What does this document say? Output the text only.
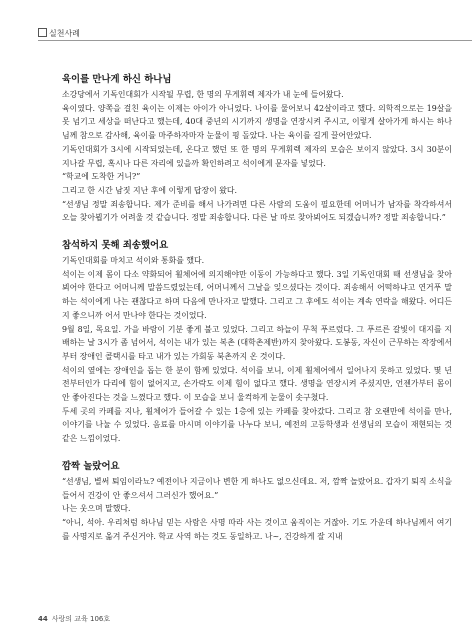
실천사례
육이를 만나게 하신 하나님

소강당에서 기독인대회가 시작될 무렵, 한 명의 무게휘렉 제자가 내 눈에 들어왔다.

육이였다. 양쪽을 걸친 육이는 이제는 아이가 아니었다. 나이를 물어보니 42살이라고 했다. 의학적으로는 19살을 못 넘기고 세상을 떠난다고 했는데, 40대 중년의 시기까지 생명을 연장시켜 주시고, 이렇게 살아가게 하시는 하나님께 참으로 감사해, 육이를 마주하자마자 눈물이 핑 돌았다. 나는 육이를 길게 끌어안았다.

기독인대회가 3시에 시작되었는데, 온다고 했던 또 한 명의 무게휘렉 제자의 모습은 보이지 않았다. 3시 30분이 지나갈 무렵, 혹시나 다른 자리에 있을까 확인하려고 석이에게 문자를 넣었다.

“학교에 도착한 거니?”

그리고 한 시간 남짓 지난 후에 이렇게 답장이 왔다.

“선생님 정말 죄송합니다. 제가 준비를 해서 나가려면 다른 사람의 도움이 필요한데 어머니가 남자를 착각하셔서 오늘 찾아뵙기가 어려울 것 같습니다. 정말 죄송합니다. 다른 날 따로 찾아뵈어도 되겠습니까? 정말 죄송합니다.”

참석하지 못해 죄송했어요

기독인대회를 마치고 석이와 통화를 했다.

석이는 이제 몸이 다소 약화되어 휠체어에 의지해야만 이동이 가능하다고 했다. 3일 기독인대회 때 선생님을 찾아뵈어야 한다고 어머니께 말씀드렸었는데, 어머니께서 그날을 잊으셨다는 것이다. 죄송해서 어떡하냐고 연거푸 말하는 석이에게 나는 괜찮다고 하며 다음에 만나자고 말했다. 그리고 그 후에도 석이는 계속 연락을 해왔다. 어디든지 좋으니까 어서 만나야 한다는 것이었다.

9월 8일, 목요일. 가을 바람이 기분 좋게 불고 있었다. 그리고 하늘이 무척 푸르렀다. 그 푸르른 갈빛이 대지를 지배하는 날 3시가 좀 넘어서, 석이는 내가 있는 복촌 (대학촌제반)까지 찾아왔다. 도봉동, 자신이 근무하는 작장에서부터 장애인 콜택시를 타고 내가 있는 가회동 북촌까지 온 것이다.

석이의 옆에는 장애인을 돕는 한 분이 함께 있었다. 석이를 보니, 이제 휠체어에서 일어나지 못하고 있었다. 몇 년 전부터인가 다리에 힘이 없어지고, 손가락도 이제 힘이 없다고 했다. 생명을 연장시켜 주셨지만, 언젠가부터 몸이 안 좋아진다는 것을 느꼈다고 했다. 이 모습을 보니 울컥하게 눈물이 솟구쳤다.

두세 곳의 카페를 지나, 휠체어가 들어갈 수 있는 1층에 있는 카페를 찾아갔다. 그리고 참 오랜만에 석이를 만나, 이야기를 나눌 수 있었다. 음료를 마시며 이야기를 나누다 보니, 예전의 고등학생과 선생님의 모습이 재현되는 것 같은 느낌이었다.

깜짝 놀랐어요

“선생님, 별써 퇴임이라뇨? 예전이나 지금이나 변한 게 하나도 없으신데요. 저, 깜짝 놀랐어요. 갑자기 퇴직 소식을 들어서 건강이 안 좋으셔서 그러신가 했어요.”

나는 웃으며 말했다.

“아니, 석아. 우리처럼 하나님 믿는 사람은 사명 따라 사는 것이고 움직이는 거잖아. 기도 가운데 하나님께서 여기를 사명지로 옮겨 주신거야. 학교 사역 하는 것도 동일하고. 나~, 건강하게 잘 지내

44 사랑의 교육 106호
